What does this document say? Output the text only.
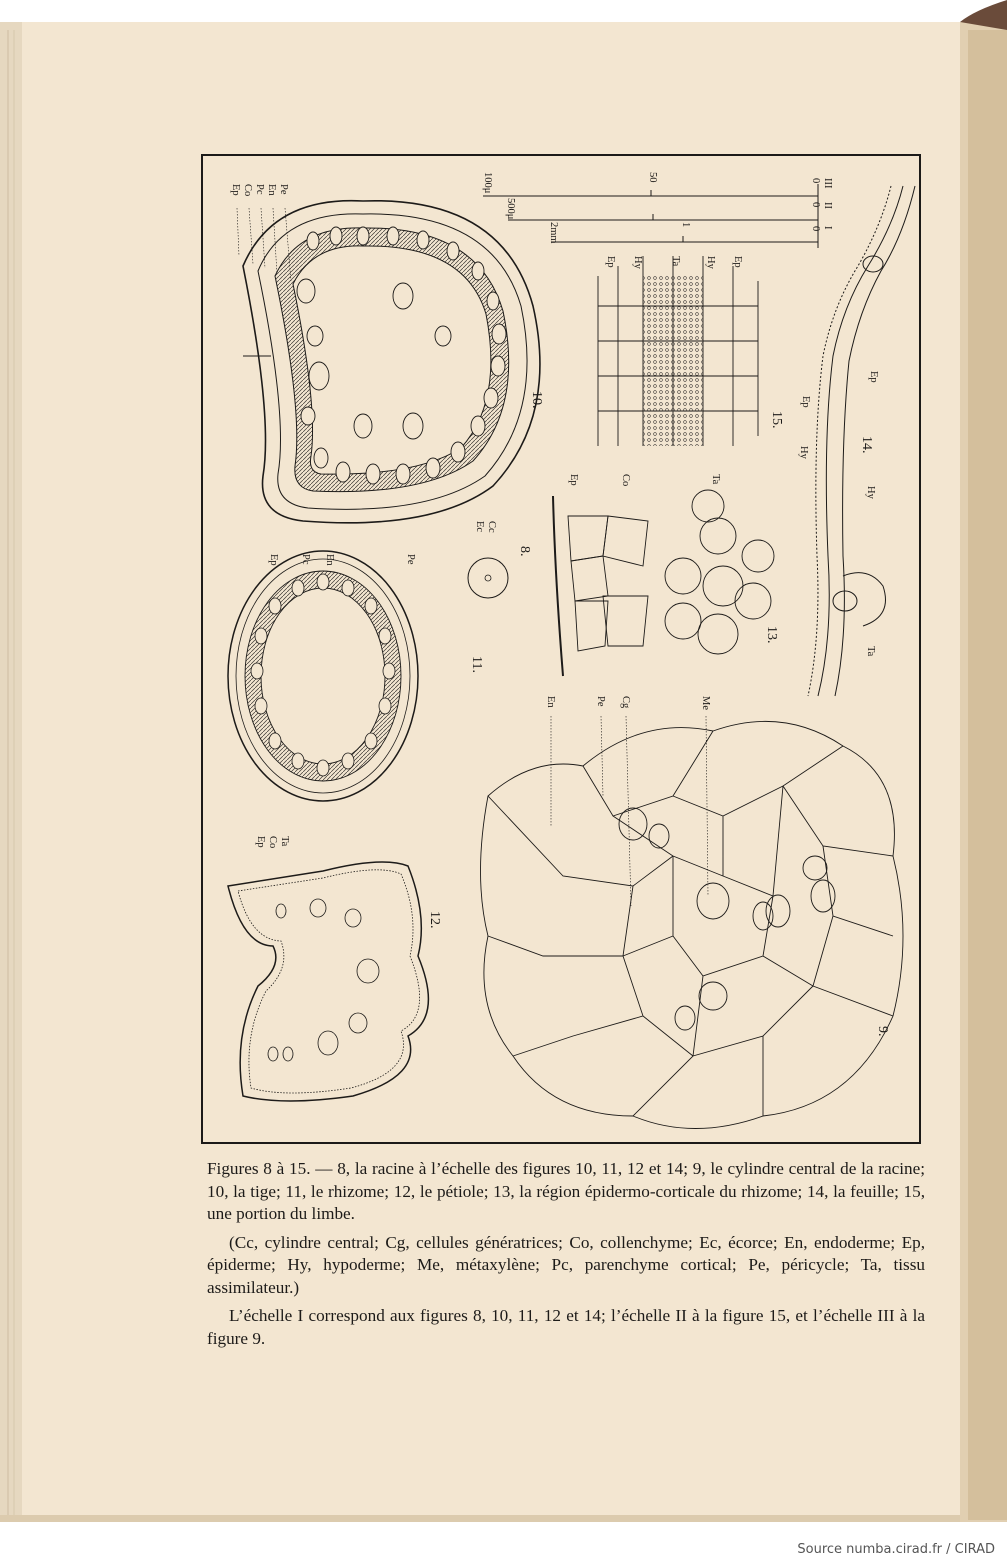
Ep Co Pc En Pe
10.
100μ	50	0 III
500μ	0 II
2mm	1
0 I
15.
Ep Hy	Ta Hy Ep
14.
Ep
Hy
Hy
Ep
Ta
11.
Ep Pc En	Pe
Ec Cc
8.
13.
Ep	Co	Ta
12.
Ep Co Ta
9.
En	Pe Cg	Me

Figures 8 à 15. — 8, la racine à l’échelle des figures 10, 11, 12 et 14; 9, le cylindre central de la racine; 10, la tige; 11, le rhizome; 12, le pétiole; 13, la région épidermo-corticale du rhizome; 14, la feuille; 15, une portion du limbe.

(Cc, cylindre central; Cg, cellules génératrices; Co, collenchyme; Ec, écorce; En, endoderme; Ep, épiderme; Hy, hypoderme; Me, métaxylène; Pc, parenchyme cortical; Pe, péricycle; Ta, tissu assimilateur.)

L’échelle I correspond aux figures 8, 10, 11, 12 et 14; l’échelle II à la figure 15, et l’échelle III à la figure 9.

Source numba.cirad.fr / CIRAD
